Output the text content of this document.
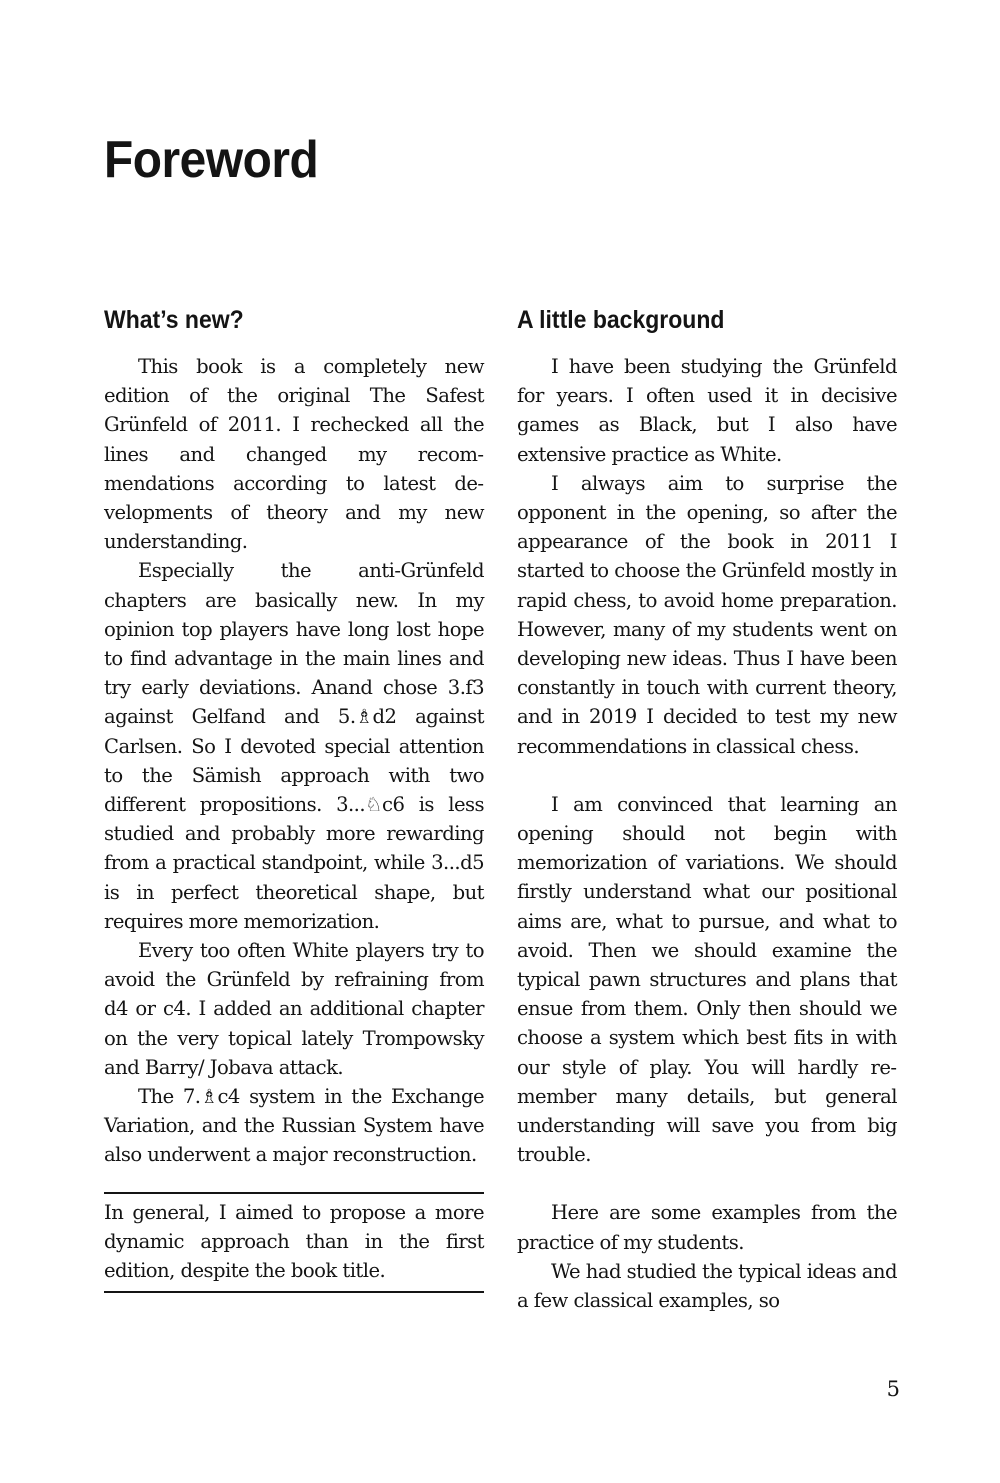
Foreword
What’s new?

This book is a completely new edition of the original The Safest Grünfeld of 2011. I rechecked all the lines and changed my recommendations according to latest developments of theory and my new understanding.

Especially the anti-Grünfeld chapters are basically new. In my opinion top players have long lost hope to find advantage in the main lines and try early deviations. Anand chose 3.f3 against Gelfand and 5.♗d2 against Carlsen. So I devoted special attention to the Sämish approach with two different propositions. 3...♘c6 is less studied and probably more rewarding from a practical standpoint, while 3...d5 is in perfect theoretical shape, but requires more memorization.

Every too often White players try to avoid the Grünfeld by refraining from d4 or c4. I added an additional chapter on the very topical lately Trompowsky and Barry/ Jobava attack.

The 7.♗c4 system in the Exchange Variation, and the Russian System have also underwent a major reconstruction.

In general, I aimed to propose a more dynamic approach than in the first edition, despite the book title.

A little background

I have been studying the Grünfeld for years. I often used it in decisive games as Black, but I also have extensive practice as White.

I always aim to surprise the opponent in the opening, so after the appearance of the book in 2011 I started to choose the Grünfeld mostly in rapid chess, to avoid home preparation. However, many of my students went on developing new ideas. Thus I have been constantly in touch with current theory, and in 2019 I decided to test my new recommendations in classical chess.

I am convinced that learning an opening should not begin with memorization of variations. We should firstly understand what our positional aims are, what to pursue, and what to avoid. Then we should examine the typical pawn structures and plans that ensue from them. Only then should we choose a system which best fits in with our style of play. You will hardly remember many details, but general understanding will save you from big trouble.

Here are some examples from the practice of my students.

We had studied the typical ideas and a few classical examples, so

5
